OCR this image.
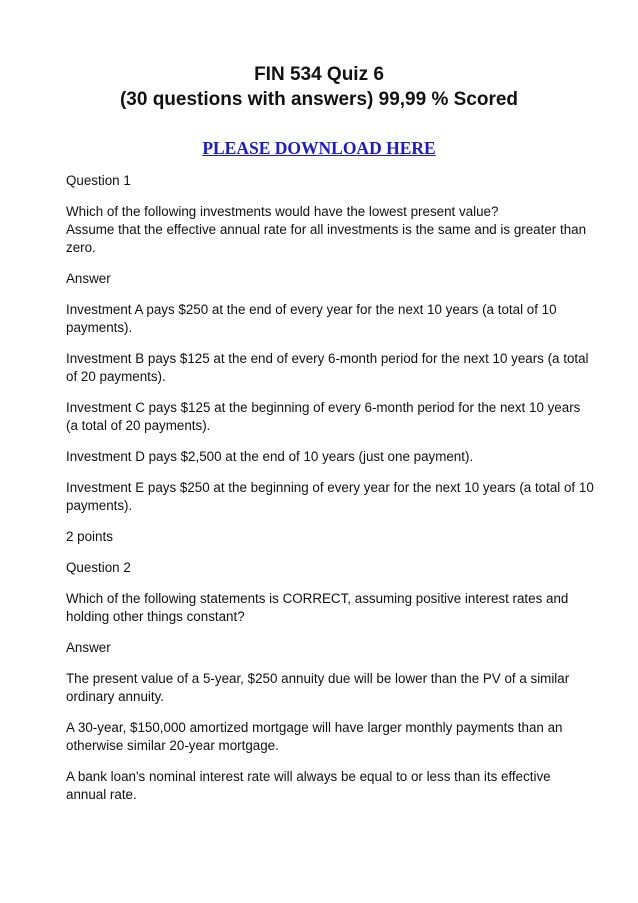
FIN 534 Quiz 6
(30 questions with answers) 99,99 % Scored
PLEASE DOWNLOAD HERE

Question 1

Which of the following investments would have the lowest present value?
Assume that the effective annual rate for all investments is the same and is greater than zero.

Answer

Investment A pays $250 at the end of every year for the next 10 years (a total of 10 payments).

Investment B pays $125 at the end of every 6-month period for the next 10 years (a total of 20 payments).

Investment C pays $125 at the beginning of every 6-month period for the next 10 years (a total of 20 payments).

Investment D pays $2,500 at the end of 10 years (just one payment).

Investment E pays $250 at the beginning of every year for the next 10 years (a total of 10 payments).

2 points

Question 2

Which of the following statements is CORRECT, assuming positive interest rates and holding other things constant?

Answer

The present value of a 5-year, $250 annuity due will be lower than the PV of a similar ordinary annuity.

A 30-year, $150,000 amortized mortgage will have larger monthly payments than an otherwise similar 20-year mortgage.

A bank loan's nominal interest rate will always be equal to or less than its effective annual rate.
